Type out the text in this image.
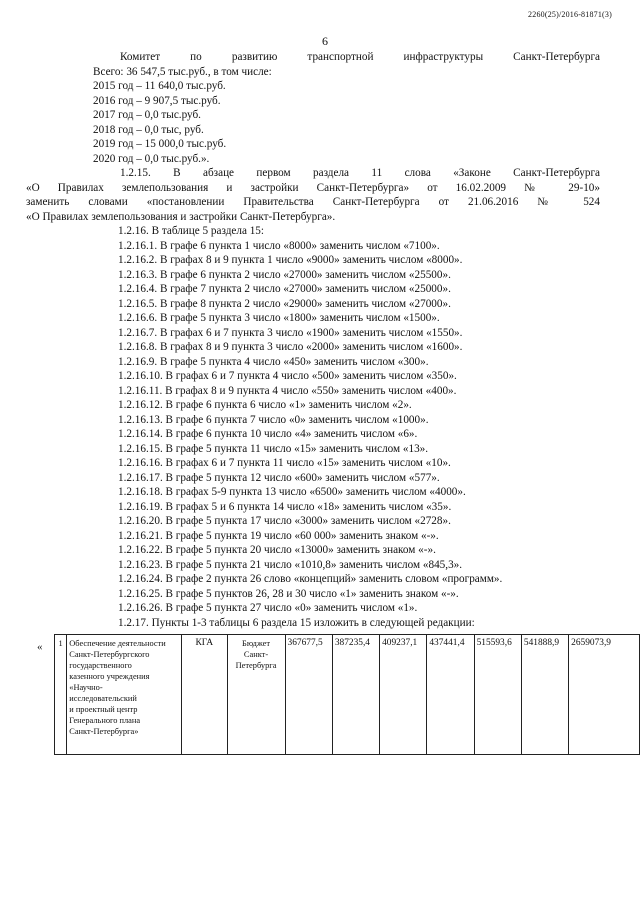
2260(25)/2016-81871(3)
6
Комитет по развитию транспортной инфраструктуры Санкт-Петербурга
Всего: 36 547,5 тыс.руб., в том числе:
2015 год – 11 640,0 тыс.руб.
2016 год – 9 907,5 тыс.руб.
2017 год – 0,0 тыс.руб.
2018 год – 0,0 тыс, руб.
2019 год – 15 000,0 тыс.руб.
2020 год – 0,0 тыс.руб.».
1.2.15. В абзаце первом раздела 11 слова «Законе Санкт-Петербурга
«О Правилах землепользования и застройки Санкт-Петербурга» от 16.02.2009 № 29-10»
заменить словами «постановлении Правительства Санкт-Петербурга от 21.06.2016 № 524
«О Правилах землепользования и застройки Санкт-Петербурга».
1.2.16. В таблице 5 раздела 15:
1.2.16.1. В графе 6 пункта 1 число «8000» заменить числом «7100».
1.2.16.2. В графах 8 и 9 пункта 1 число «9000» заменить числом «8000».
1.2.16.3. В графе 6 пункта 2 число «27000» заменить числом «25500».
1.2.16.4. В графе 7 пункта 2 число «27000» заменить числом «25000».
1.2.16.5. В графе 8 пункта 2 число «29000» заменить числом «27000».
1.2.16.6. В графе 5 пункта 3 число «1800» заменить числом «1500».
1.2.16.7. В графах 6 и 7 пункта 3 число «1900» заменить числом «1550».
1.2.16.8. В графах 8 и 9 пункта 3 число «2000» заменить числом «1600».
1.2.16.9. В графе 5 пункта 4 число «450» заменить числом «300».
1.2.16.10. В графах 6 и 7 пункта 4 число «500» заменить числом «350».
1.2.16.11. В графах 8 и 9 пункта 4 число «550» заменить числом «400».
1.2.16.12. В графе 6 пункта 6 число «1» заменить числом «2».
1.2.16.13. В графе 6 пункта 7 число «0» заменить числом «1000».
1.2.16.14. В графе 6 пункта 10 число «4» заменить числом «6».
1.2.16.15. В графе 5 пункта 11 число «15» заменить числом «13».
1.2.16.16. В графах 6 и 7 пункта 11 число «15» заменить числом «10».
1.2.16.17. В графе 5 пункта 12 число «600» заменить числом «577».
1.2.16.18. В графах 5-9 пункта 13 число «6500» заменить числом «4000».
1.2.16.19. В графах 5 и 6 пункта 14 число «18» заменить числом «35».
1.2.16.20. В графе 5 пункта 17 число «3000» заменить числом «2728».
1.2.16.21. В графе 5 пункта 19 число «60 000» заменить знаком «-».
1.2.16.22. В графе 5 пункта 20 число «13000» заменить знаком «-».
1.2.16.23. В графе 5 пункта 21 число «1010,8» заменить числом «845,3».
1.2.16.24. В графе 2 пункта 26 слово «концепций» заменить словом «программ».
1.2.16.25. В графе 5 пунктов 26, 28 и 30 число «1» заменить знаком «-».
1.2.16.26. В графе 5 пункта 27 число «0» заменить числом «1».
1.2.17. Пункты 1-3 таблицы 6 раздела 15 изложить в следующей редакции:
« 1	Обеспечение деятельности
Санкт-Петербургского
государственного
казенного учреждения
«Научно-
исследовательский
и проектный центр
Генерального плана
Санкт-Петербурга»
	КГА	Бюджет
Санкт-
Петербурга
	367677,5	387235,4	409237,1	437441,4	515593,6	541888,9	2659073,9
